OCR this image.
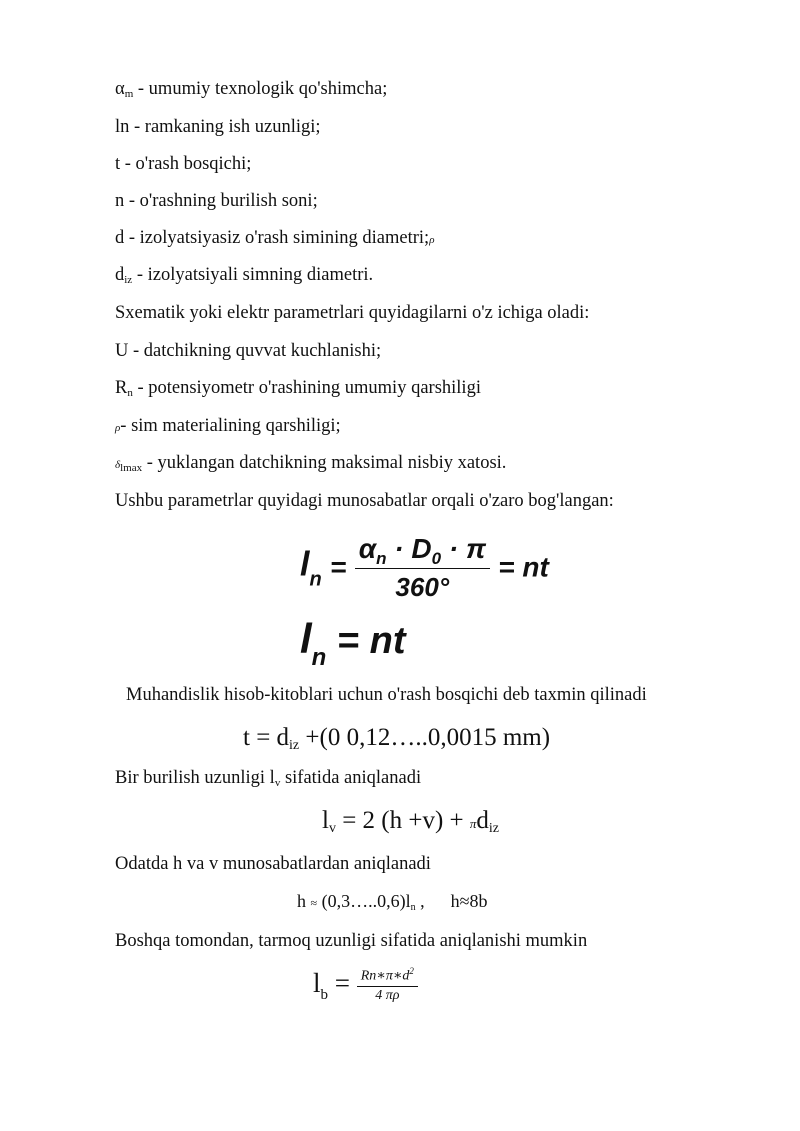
$\alpha_m$ - umumiy texnologik qo'shimcha;
ln - ramkaning ish uzunligi;
t - o'rash bosqichi;
n - o'rashning burilish soni;
d - izolyatsiyasiz o'rash simining diametri;ρ
$d_{iz}$ - izolyatsiyali simning diametri.
Sxematik yoki elektr parametrlari quyidagilarni o'z ichiga oladi:
U - datchikning quvvat kuchlanishi;
$R_n$ - potensiyometr o'rashining umumiy qarshiligi
ρ- sim materialining qarshiligi;
$\delta_{lmax}$ - yuklangan datchikning maksimal nisbiy xatosi.
Ushbu parametrlar quyidagi munosabatlar orqali o'zaro bog'langan:
$l_n = \frac{\alpha_n \cdot D_0 \cdot \pi}{360^\circ}$ = nt
$l_n$ = nt
Muhandislik hisob-kitoblari uchun o'rash bosqichi deb taxmin qilinadi
$t = d_{iz} +(0$ 0,12…..0,0015 mm)
Bir burilish uzunligi $l_v$ sifatida aniqlanadi
$l_v = 2$ $(h +v) + \pi d_{iz}$
Odatda h va v munosabatlardan aniqlanadi
$h \approx (0,3\dots..0,6)l_n$ , h≈8b
Boshqa tomondan, tarmoq uzunligi sifatida aniqlanishi mumkin
$l_b = \frac{Rn∗\pi∗d^2}{4 \pi\rho}$
